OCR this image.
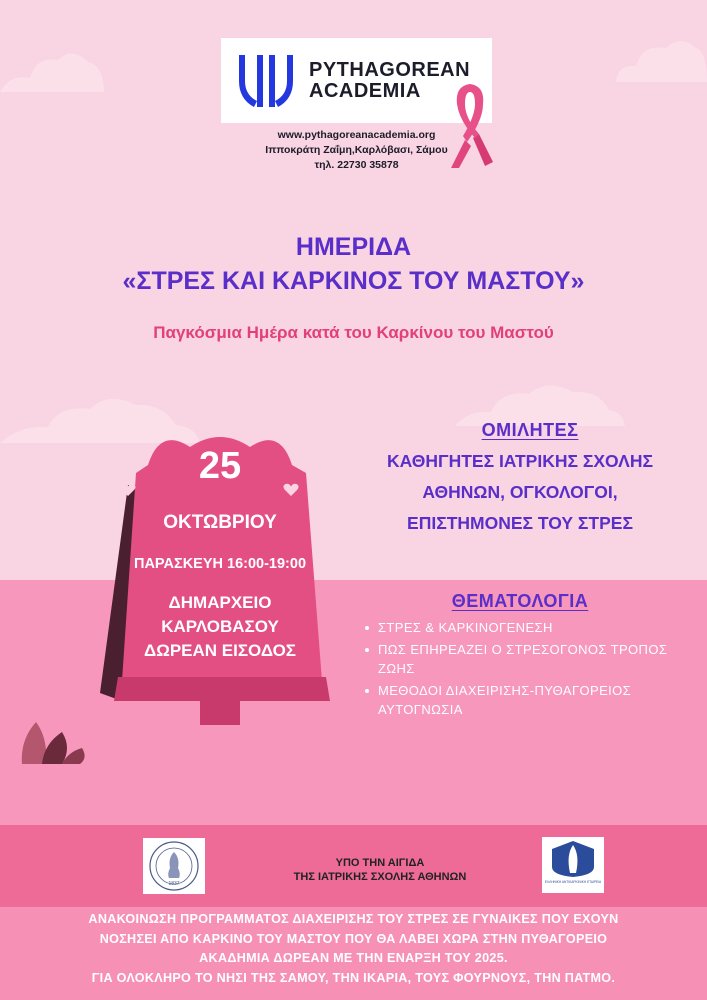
PYTHAGOREAN
ACADEMIA
www.pythagoreanacademia.org
Ιπποκράτη Ζαΐμη,Καρλόβασι, Σάμου
τηλ. 22730 35878
ΗΜΕΡΙΔΑ
«ΣΤΡΕΣ ΚΑΙ ΚΑΡΚΙΝΟΣ ΤΟΥ ΜΑΣΤΟΥ»
Παγκόσμια Ημέρα κατά του Καρκίνου του Μαστού
25
ΟΚΤΩΒΡΙΟΥ
ΠΑΡΑΣΚΕΥΗ 16:00-19:00
ΔΗΜΑΡΧΕΙΟ
ΚΑΡΛΟΒΑΣΟΥ
ΔΩΡΕΑΝ ΕΙΣΟΔΟΣ
ΟΜΙΛΗΤΕΣ
ΚΑΘΗΓΗΤΕΣ ΙΑΤΡΙΚΗΣ ΣΧΟΛΗΣ
ΑΘΗΝΩΝ, ΟΓΚΟΛΟΓΟΙ,
ΕΠΙΣΤΗΜΟΝΕΣ ΤΟΥ ΣΤΡΕΣ
ΘΕΜΑΤΟΛΟΓΙΑ
ΣΤΡΕΣ & ΚΑΡΚΙΝΟΓΕΝΕΣΗ
ΠΩΣ ΕΠΗΡΕΑΖΕΙ Ο ΣΤΡΕΣΟΓΟΝΟΣ ΤΡΟΠΟΣ ΖΩΗΣ
ΜΕΘΟΔΟΙ ΔΙΑΧΕΙΡΙΣΗΣ-ΠΥΘΑΓΟΡΕΙΟΣ ΑΥΤΟΓΝΩΣΙΑ
1837	ΕΛΛΗΝΙΚΗ ΑΝΤΙΚΑΡΚΙΝΙΚΗ ΕΤΑΙΡΕΙΑ
ΥΠΟ ΤΗΝ ΑΙΓΙΔΑ
ΤΗΣ ΙΑΤΡΙΚΗΣ ΣΧΟΛΗΣ ΑΘΗΝΩΝ
ΑΝΑΚΟΙΝΩΣΗ ΠΡΟΓΡΑΜΜΑΤΟΣ ΔΙΑΧΕΙΡΙΣΗΣ ΤΟΥ ΣΤΡΕΣ ΣΕ ΓΥΝΑΙΚΕΣ ΠΟΥ ΕΧΟΥΝ
ΝΟΣΗΣΕΙ ΑΠΟ ΚΑΡΚΙΝΟ ΤΟΥ ΜΑΣΤΟΥ ΠΟΥ ΘΑ ΛΑΒΕΙ ΧΩΡΑ ΣΤΗΝ ΠΥΘΑΓΟΡΕΙΟ
ΑΚΑΔΗΜΙΑ ΔΩΡΕΑΝ ΜΕ ΤΗΝ ΕΝΑΡΞΗ ΤΟΥ 2025.
ΓΙΑ ΟΛΟΚΛΗΡΟ ΤΟ ΝΗΣΙ ΤΗΣ ΣΑΜΟΥ, ΤΗΝ ΙΚΑΡΙΑ, ΤΟΥΣ ΦΟΥΡΝΟΥΣ, ΤΗΝ ΠΑΤΜΟ.
